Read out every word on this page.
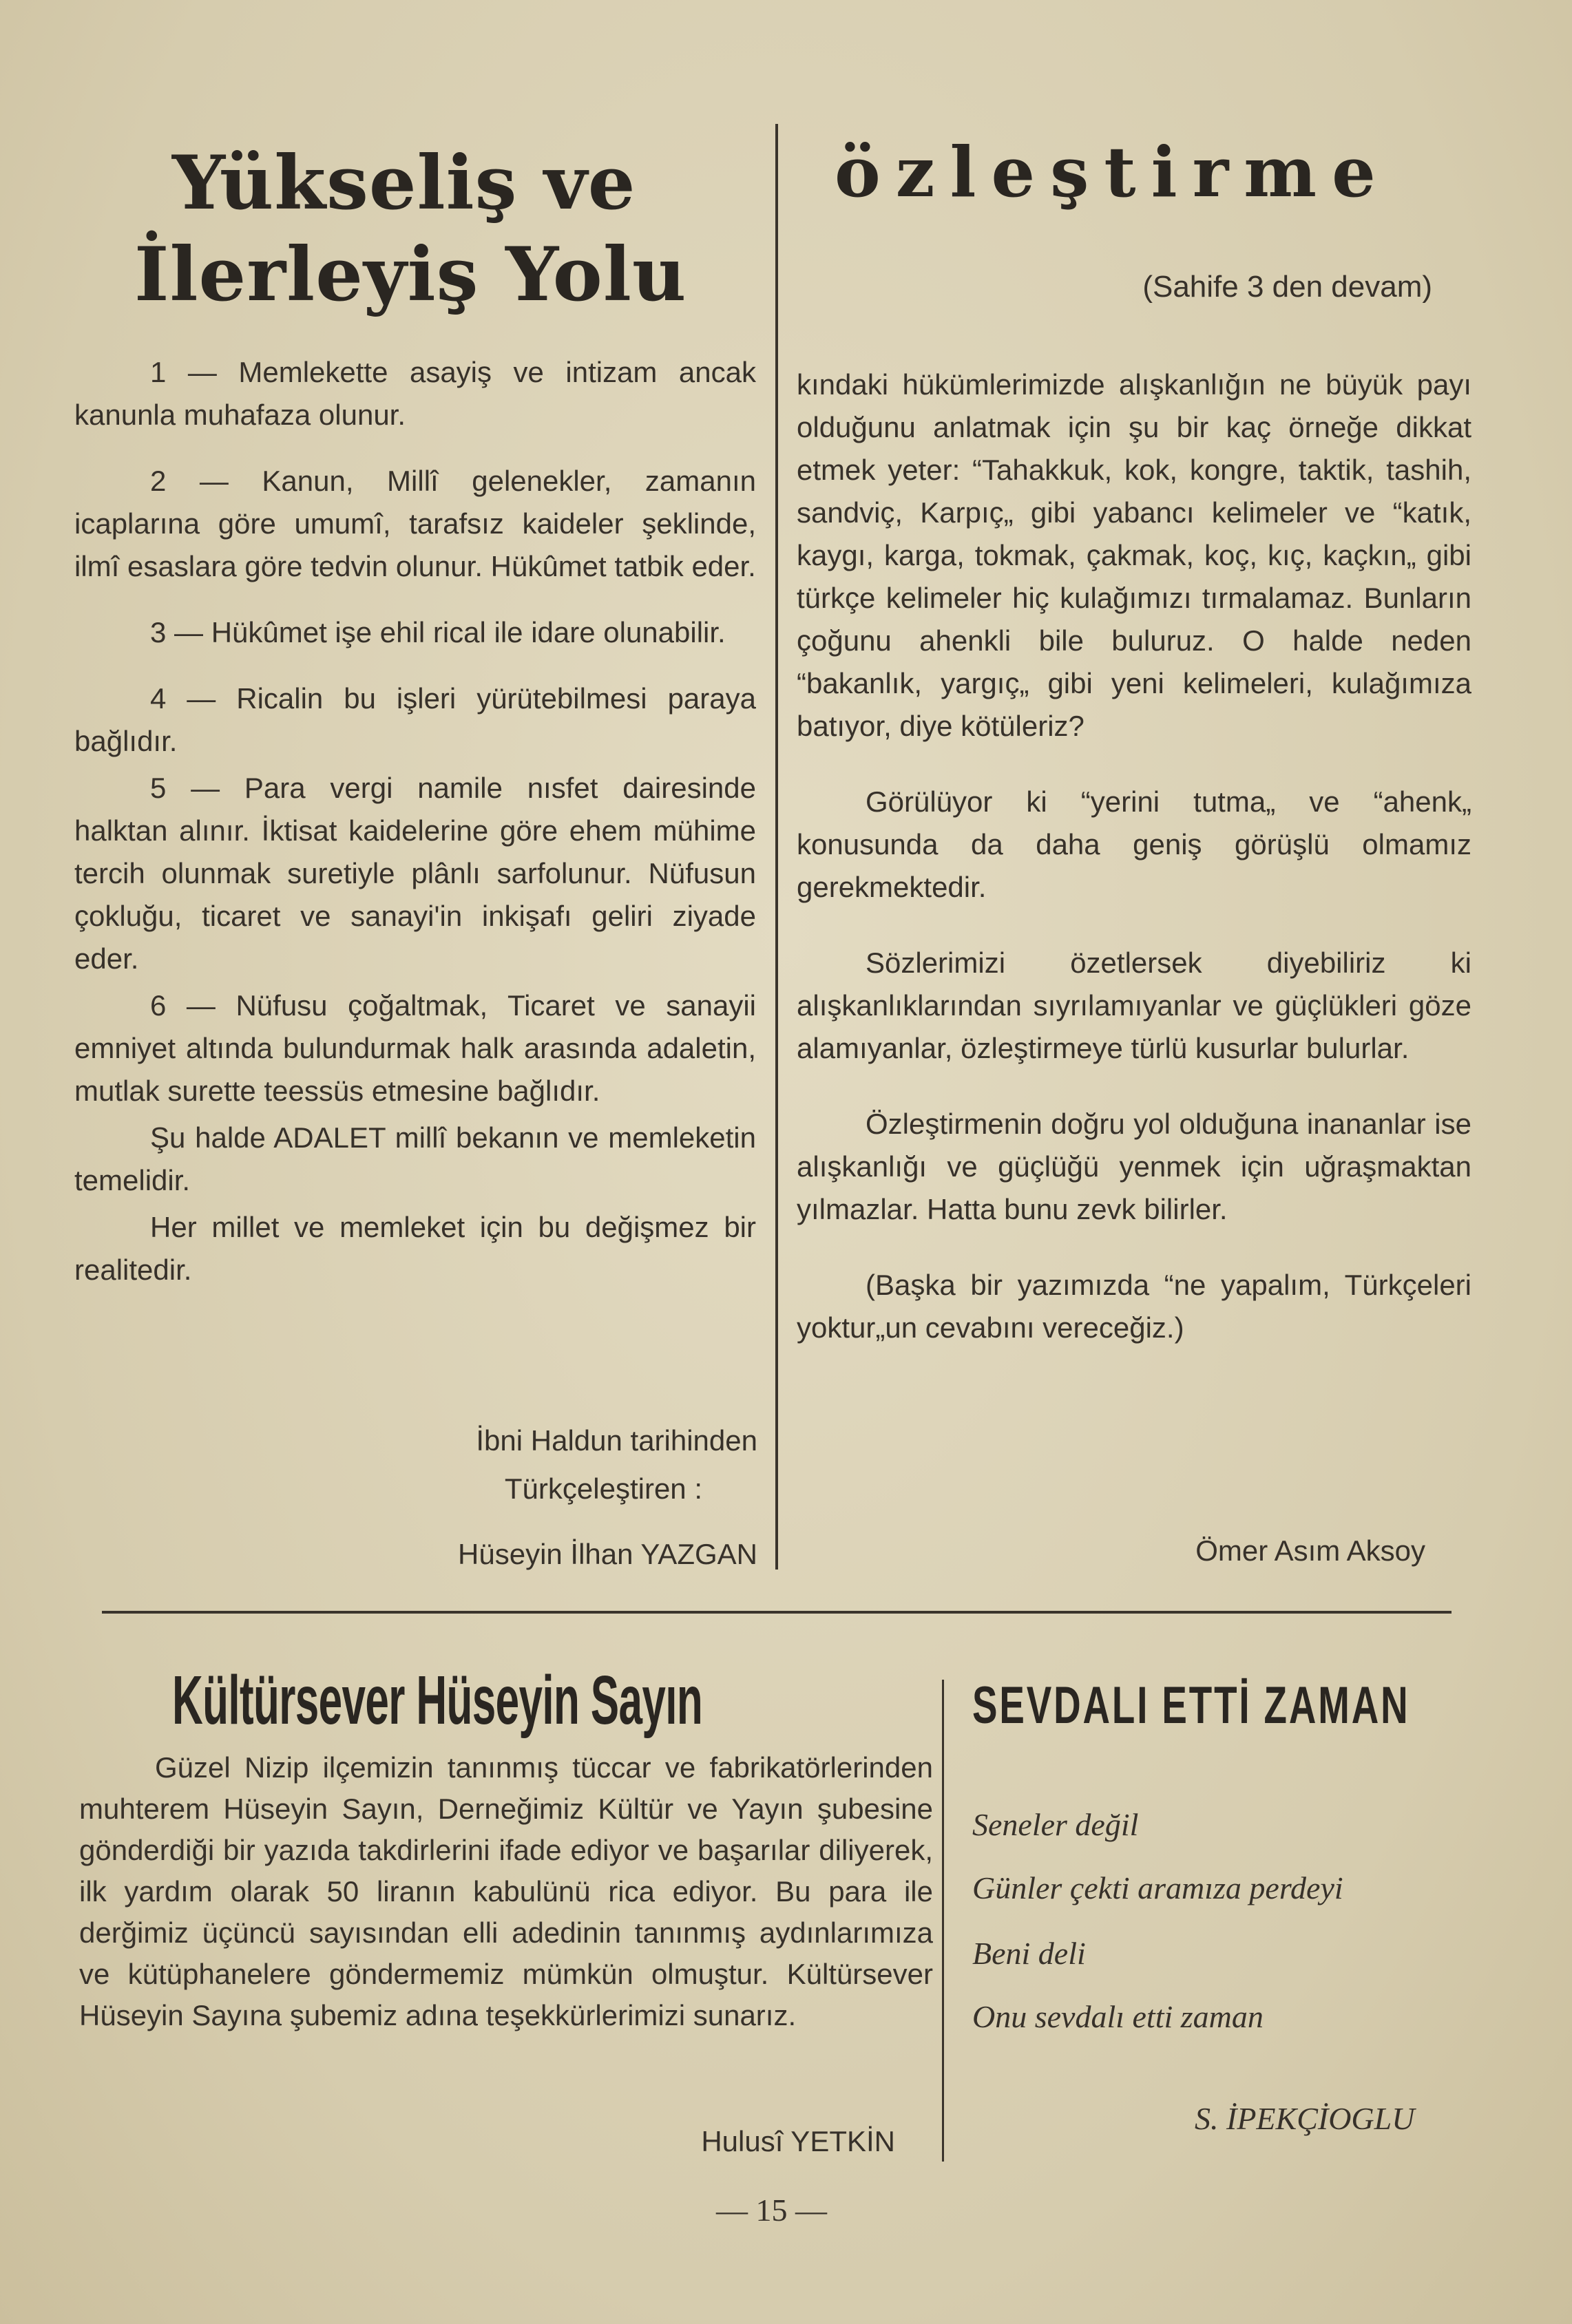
Yükseliş ve
İlerleyiş Yolu

1 — Memlekette asayiş ve intizam ancak kanunla muhafaza olunur.

2 — Kanun, Millî gelenekler, zamanın icaplarına göre umumî, tarafsız kaideler şeklinde, ilmî esaslara göre tedvin olunur. Hükûmet tatbik eder.

3 — Hükûmet işe ehil rical ile idare olunabilir.

4 — Ricalin bu işleri yürütebilmesi paraya bağlıdır.

5 — Para vergi namile nısfet dairesinde halktan alınır. İktisat kaidelerine göre ehem mühime tercih olunmak suretiyle plânlı sarfolunur. Nüfusun çokluğu, ticaret ve sanayi'in inkişafı geliri ziyade eder.

6 — Nüfusu çoğaltmak, Ticaret ve sanayii emniyet altında bulundurmak halk arasında adaletin, mutlak surette teessüs etmesine bağlıdır.

Şu halde ADALET millî bekanın ve memleketin temelidir.

Her millet ve memleket için bu değişmez bir realitedir.

İbni Haldun tarihinden
Türkçeleştiren :
Hüseyin İlhan YAZGAN
özleştirme
(Sahife 3 den devam)

kındaki hükümlerimizde alışkanlığın ne büyük payı olduğunu anlatmak için şu bir kaç örneğe dikkat etmek yeter: “Tahakkuk, kok, kongre, taktik, tashih, sandviç, Karpıç„ gibi yabancı kelimeler ve “katık, kaygı, karga, tokmak, çakmak, koç, kıç, kaçkın„ gibi türkçe kelimeler hiç kulağımızı tırmalamaz. Bunların çoğunu ahenkli bile buluruz. O halde neden “bakanlık, yargıç„ gibi yeni kelimeleri, kulağımıza batıyor, diye kötüleriz?

Görülüyor ki “yerini tutma„ ve “ahenk„ konusunda da daha geniş görüşlü olmamız gerekmektedir.

Sözlerimizi özetlersek diyebiliriz ki alışkanlıklarından sıyrılamıyanlar ve güçlükleri göze alamıyanlar, özleştirmeye türlü kusurlar bulurlar.

Özleştirmenin doğru yol olduğuna inananlar ise alışkanlığı ve güçlüğü yenmek için uğraşmaktan yılmazlar. Hatta bunu zevk bilirler.

(Başka bir yazımızda “ne yapalım, Türkçeleri yoktur„un cevabını vereceğiz.)

Ömer Asım Aksoy
Kültürsever Hüseyin Sayın

Güzel Nizip ilçemizin tanınmış tüccar ve fabrikatörlerinden muhterem Hüseyin Sayın, Derneğimiz Kültür ve Yayın şubesine gönderdiği bir yazıda takdirlerini ifade ediyor ve başarılar diliyerek, ilk yardım olarak 50 liranın kabulünü rica ediyor. Bu para ile derğimiz üçüncü sayısından elli adedinin tanınmış aydınlarımıza ve kütüphanelere göndermemiz mümkün olmuştur. Kültürsever Hüseyin Sayına şubemiz adına teşekkürlerimizi sunarız.

Hulusî YETKİN
SEVDALI ETTİ ZAMAN
Seneler değil
Günler çekti aramıza perdeyi
Beni deli
Onu sevdalı etti zaman
S. İPEKÇİOGLU
— 15 —
